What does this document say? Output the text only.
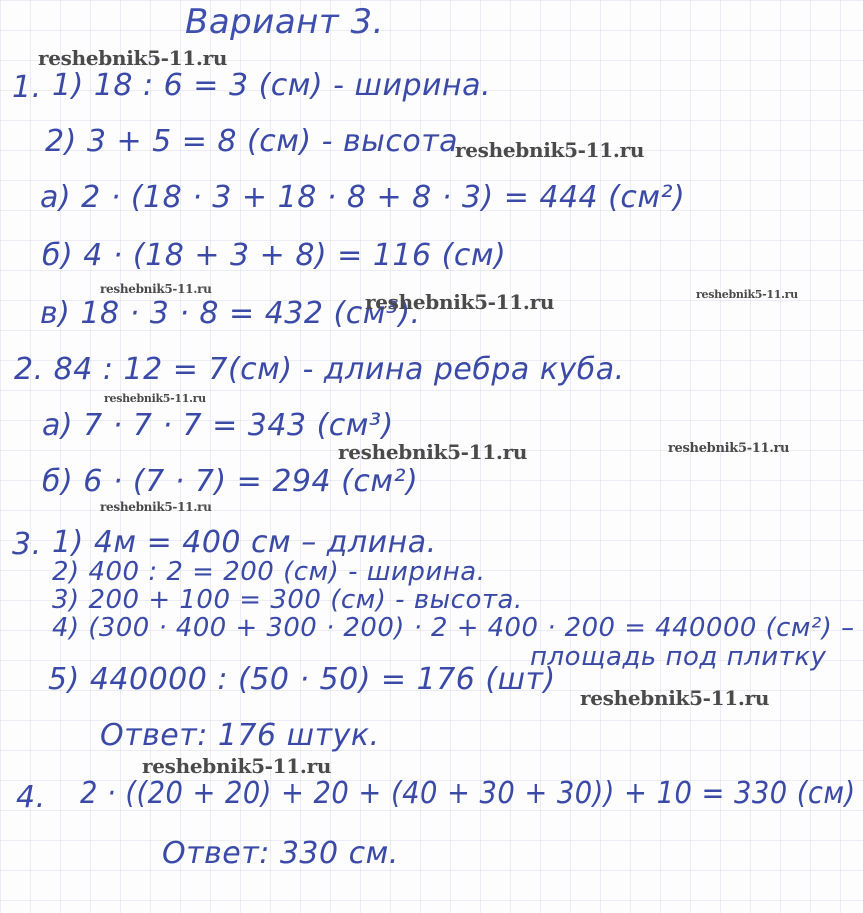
Вариант 3.
1. 1) 18 : 6 = 3 (см) - ширина.
2) 3 + 5 = 8 (см) - высота
а) 2 · (18 · 3 + 18 · 8 + 8 · 3) = 444 (см²)
б) 4 · (18 + 3 + 8) = 116 (см)
в) 18 · 3 · 8 = 432 (см³).
2. 84 : 12 = 7(см) - длина ребра куба.
а) 7 · 7 · 7 = 343 (см³)
б) 6 · (7 · 7) = 294 (см²)
3. 1) 4м = 400 см – длина.
2) 400 : 2 = 200 (см) - ширина.
3) 200 + 100 = 300 (см) - высота.
4) (300 · 400 + 300 · 200) · 2 + 400 · 200 = 440000 (см²) –
площадь под плитку
5) 440000 : (50 · 50) = 176 (шт)
Ответ: 176 штук.
4. 2 · ((20 + 20) + 20 + (40 + 30 + 30)) + 10 = 330 (см)
Ответ: 330 см.
reshebnik5-11.ru
reshebnik5-11.ru
reshebnik5-11.ru
reshebnik5-11.ru	reshebnik5-11.ru
reshebnik5-11.ru
reshebnik5-11.ru	reshebnik5-11.ru
reshebnik5-11.ru
reshebnik5-11.ru
reshebnik5-11.ru
